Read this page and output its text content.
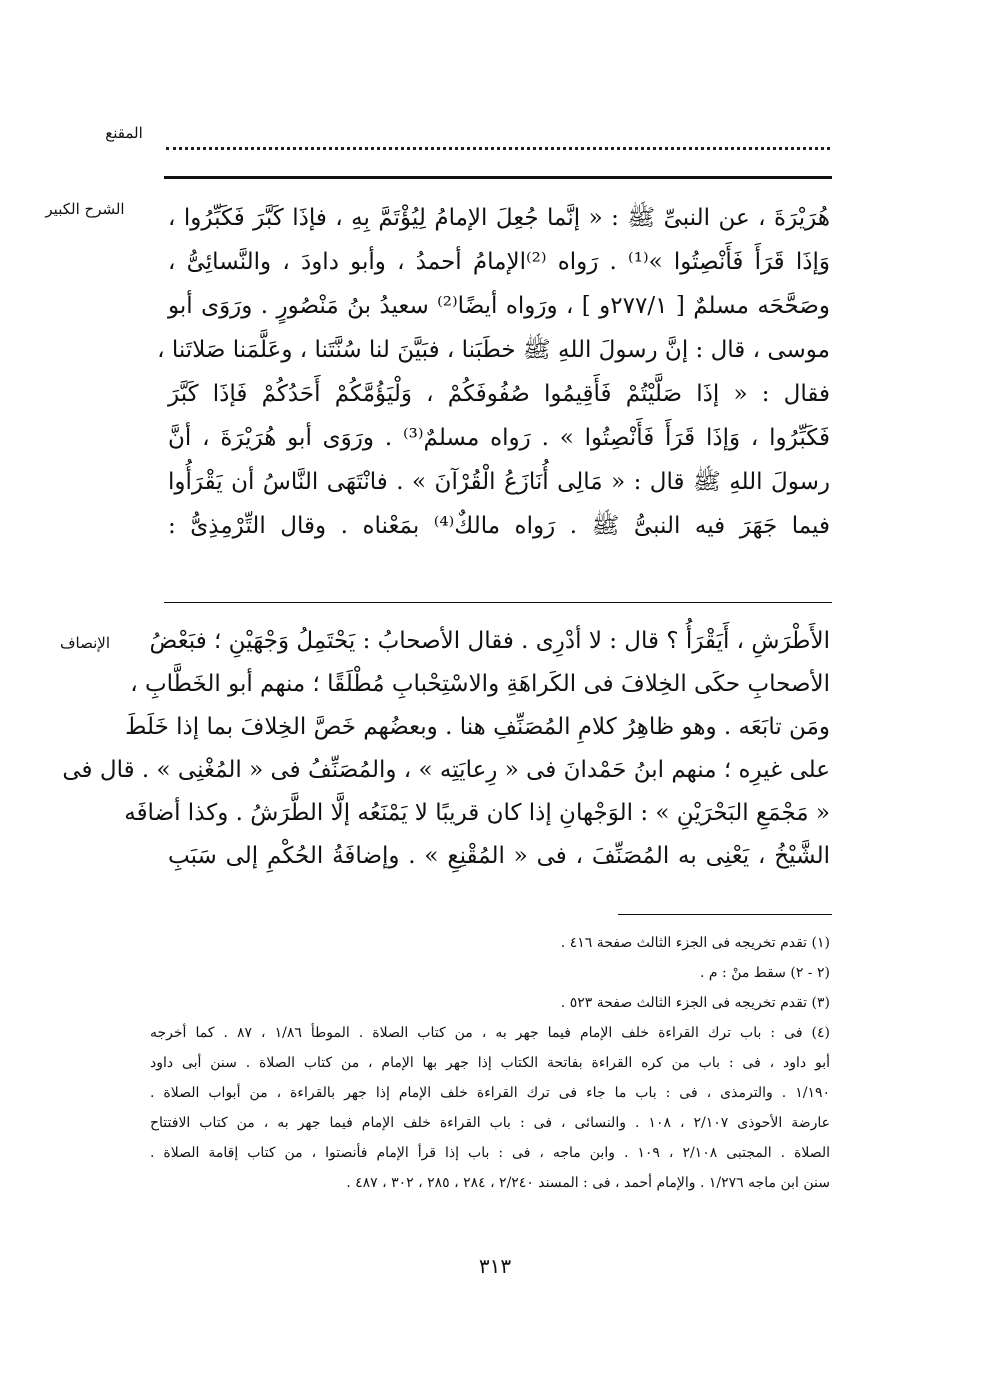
المقنع
الشرح الكبير	هُرَيْرَةَ ، عن النبىِّ ﷺ : « إنَّما جُعِلَ الإمامُ لِيُؤْتَمَّ بِهِ ، فإذَا كَبَّرَ فَكَبِّرُوا ،
وَإذَا قَرَأَ فَأَنْصِتُوا »⁽¹⁾ . رَواه ⁽²⁾الإمامُ أحمدُ ، وأبو داودَ ، والنَّسائِىُّ ،
وصَحَّحَه مسلمٌ [ ٢٧٧/١و ] ، ورَواه أيضًا⁽²⁾ سعيدُ بنُ مَنْصُورٍ . ورَوَى أبو
موسى ، قال : إنَّ رسولَ اللهِ ﷺ خطَبَنا ، فبَيَّنَ لنا سُنَّتَنا ، وعَلَّمَنا صَلاتَنا ،
فقال : « إذَا صَلَّيْتُمْ فَأَقِيمُوا صُفُوفَكُمْ ، وَلْيَؤُمَّكُمْ أَحَدُكُمْ فَإذَا كَبَّرَ
فَكَبِّرُوا ، وَإذَا قَرَأَ فَأَنْصِتُوا » . رَواه مسلمٌ⁽³⁾ . ورَوَى أبو هُرَيْرَةَ ، أنَّ
رسولَ اللهِ ﷺ قال : « مَالِى أُنَازَعُ الْقُرْآنَ » . فانْتَهَى النَّاسُ أن يَقْرَأُوا
فيما جَهَرَ فيه النبىُّ ﷺ . رَواه مالكٌ⁽⁴⁾ بمَعْناه . وقال التِّرْمِذِىُّ :
الإنصاف	الأَطْرَشِ ، أَيَقْرَأُ ؟ قال : لا أدْرِى . فقال الأصحابُ : يَحْتَمِلُ وَجْهَيْنِ ؛ فبَعْضُ
الأصحابِ حكَى الخِلافَ فى الكَراهَةِ والاسْتِحْبابِ مُطْلَقًا ؛ منهم أبو الخَطَّابِ ،
ومَن تابَعَه . وهو ظاهِرُ كلامِ المُصَنِّفِ هنا . وبعضُهم خَصَّ الخِلافَ بما إذا خَلَطَ
على غيرِه ؛ منهم ابنُ حَمْدانَ فى « رِعايَتِه » ، والمُصَنِّفُ فى « المُغْنِى » . قال فى
« مَجْمَعِ البَحْرَيْنِ » : الوَجْهانِ إذا كان قريبًا لا يَمْنَعُه إلَّا الطَّرَشُ . وكذا أضافَه
الشَّيْخُ ، يَعْنِى به المُصَنِّفَ ، فى « المُقْنِعِ » . وإضافَةُ الحُكْمِ إلى سَبَبِ
(١) تقدم تخريجه فى الجزء الثالث صفحة ٤١٦ .
(٢ - ٢) سقط منْ : م .
(٣) تقدم تخريجه فى الجزء الثالث صفحة ٥٢٣ .
(٤) فى : باب ترك القراءة خلف الإمام فيما جهر به ، من كتاب الصلاة . الموطأ ١/٨٦ ، ٨٧ . كما أخرجه
أبو داود ، فى : باب من كره القراءة بفاتحة الكتاب إذا جهر بها الإمام ، من كتاب الصلاة . سنن أبى داود
١/١٩٠ . والترمذى ، فى : باب ما جاء فى ترك القراءة خلف الإمام إذا جهر بالقراءة ، من أبواب الصلاة .
عارضة الأحوذى ٢/١٠٧ ، ١٠٨ . والنسائى ، فى : باب القراءة خلف الإمام فيما جهر به ، من كتاب الافتتاح
الصلاة . المجتبى ٢/١٠٨ ، ١٠٩ . وابن ماجه ، فى : باب إذا قرأ الإمام فأنصتوا ، من كتاب إقامة الصلاة .
سنن ابن ماجه ١/٢٧٦ . والإمام أحمد ، فى : المسند ٢/٢٤٠ ، ٢٨٤ ، ٢٨٥ ، ٣٠٢ ، ٤٨٧ .
٣١٣
